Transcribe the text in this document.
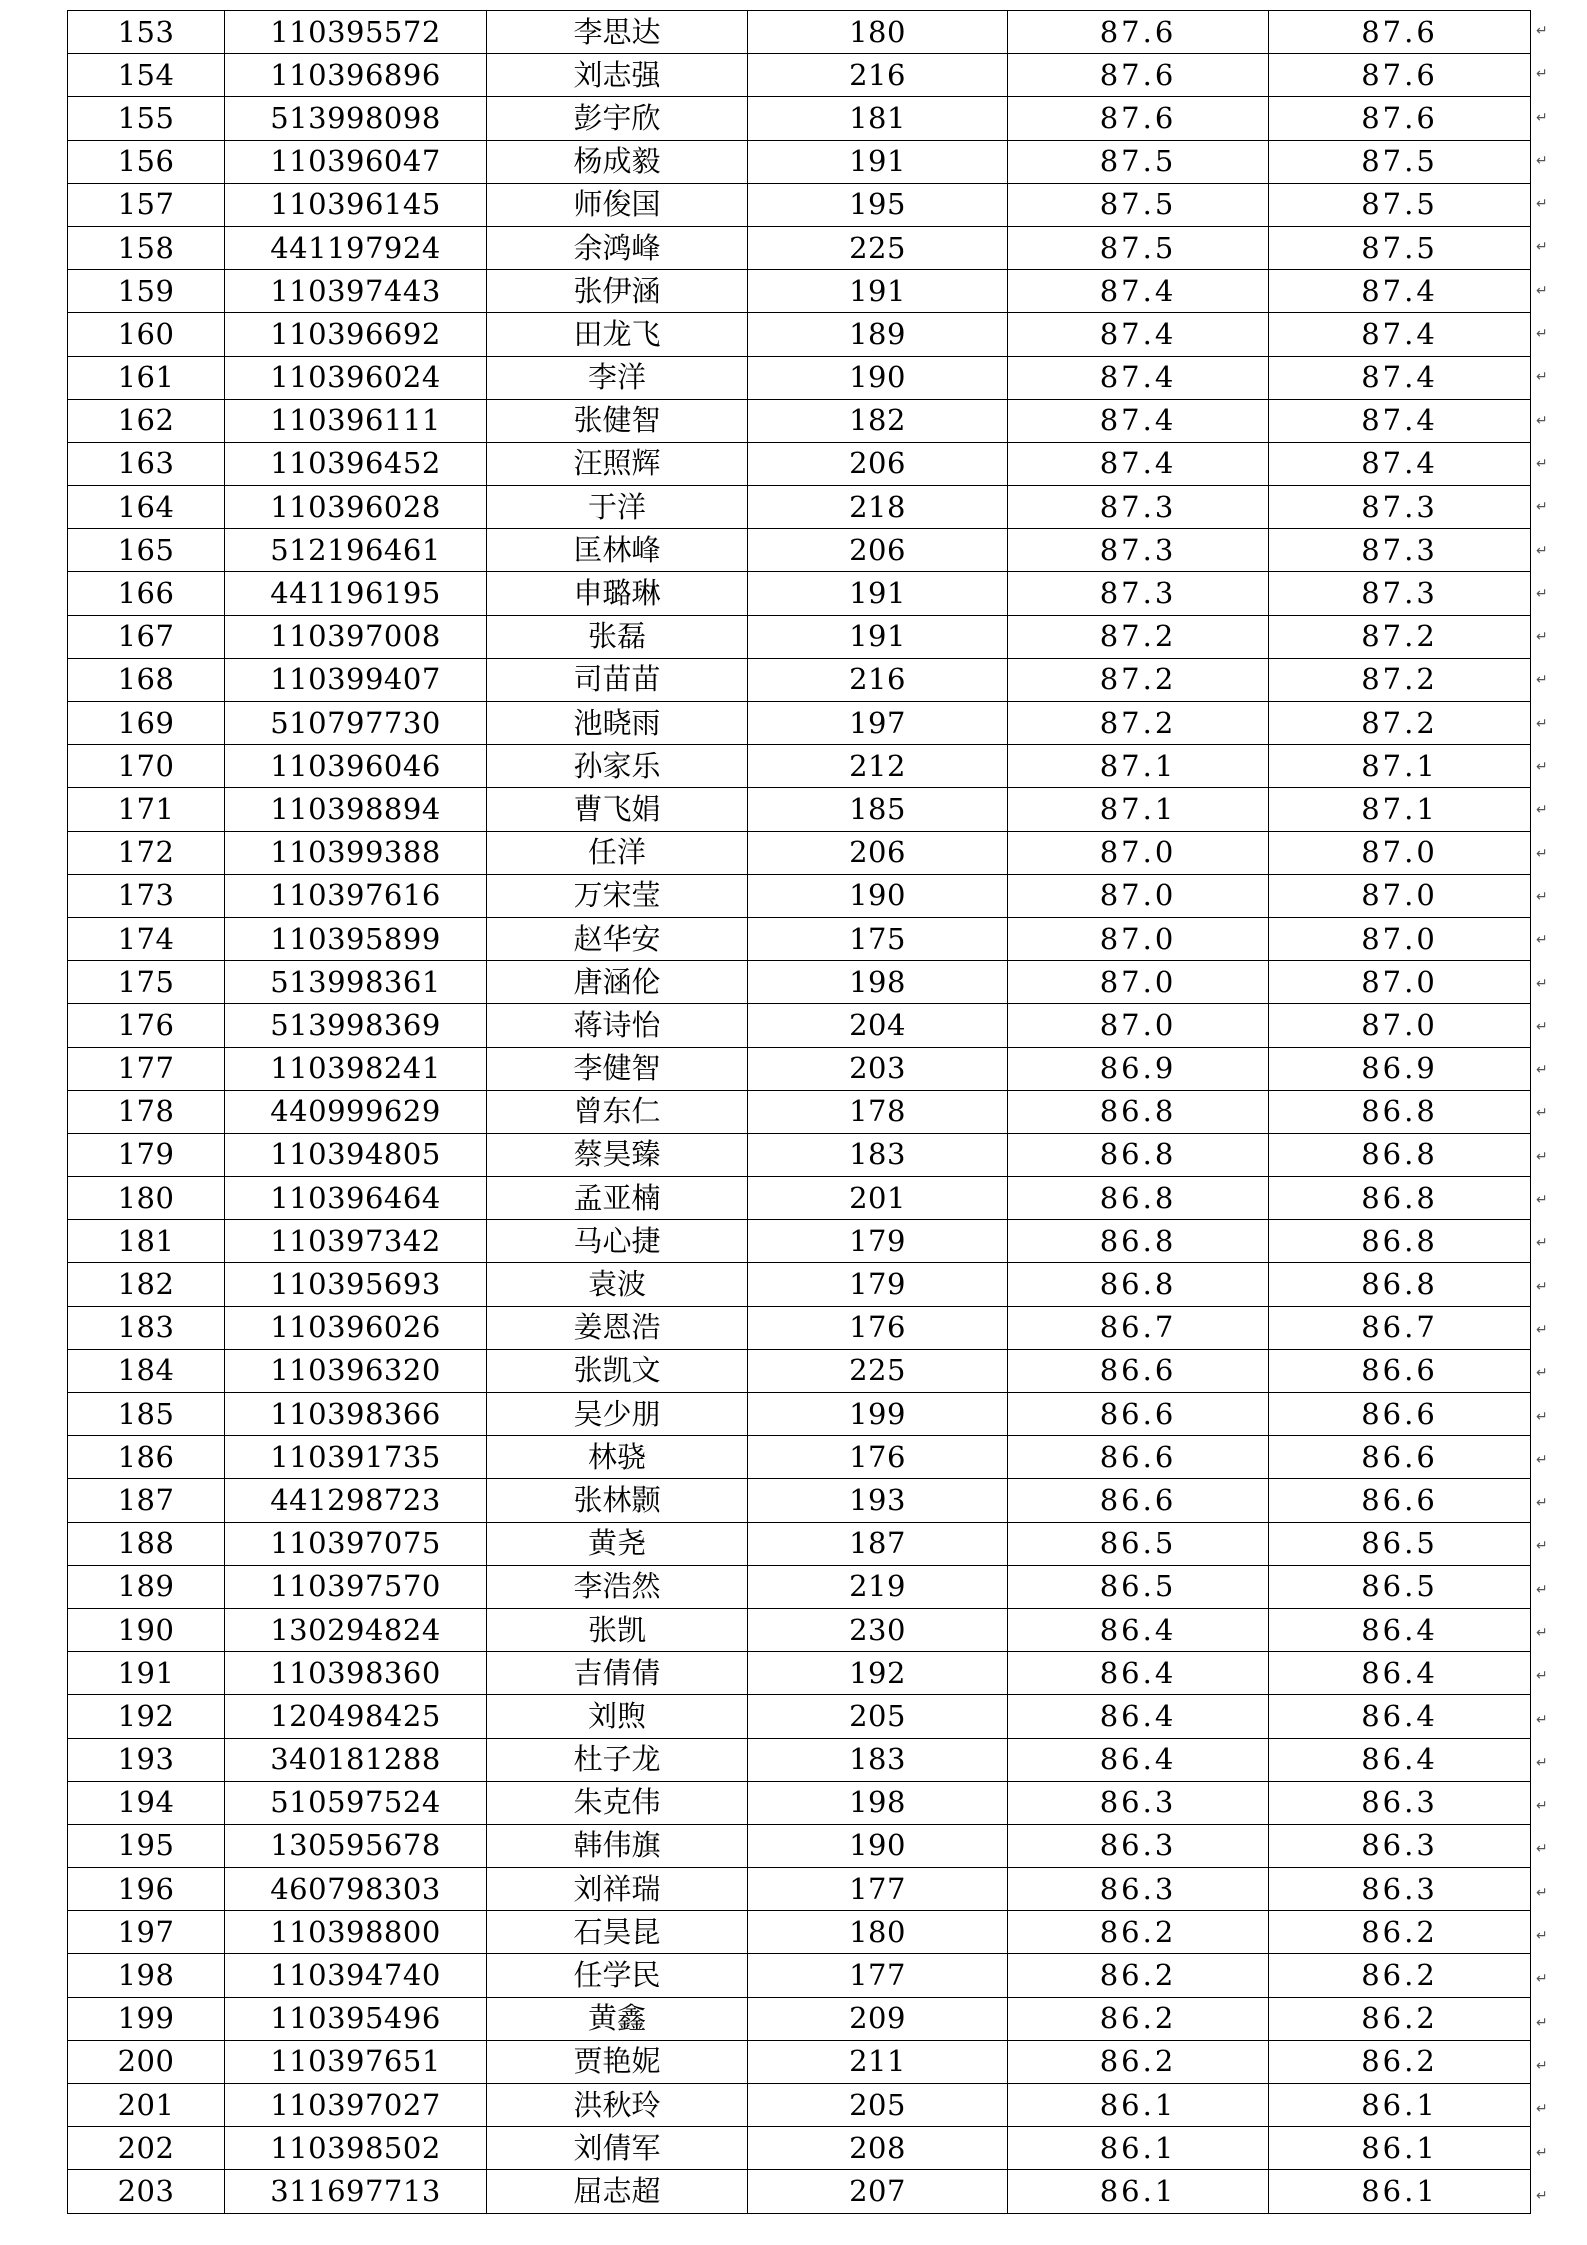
153	110395572	李思达	180	87.6	87.6
154	110396896	刘志强	216	87.6	87.6
155	513998098	彭宇欣	181	87.6	87.6
156	110396047	杨成毅	191	87.5	87.5
157	110396145	师俊国	195	87.5	87.5
158	441197924	余鸿峰	225	87.5	87.5
159	110397443	张伊涵	191	87.4	87.4
160	110396692	田龙飞	189	87.4	87.4
161	110396024	李洋	190	87.4	87.4
162	110396111	张健智	182	87.4	87.4
163	110396452	汪照辉	206	87.4	87.4
164	110396028	于洋	218	87.3	87.3
165	512196461	匡林峰	206	87.3	87.3
166	441196195	申璐琳	191	87.3	87.3
167	110397008	张磊	191	87.2	87.2
168	110399407	司苗苗	216	87.2	87.2
169	510797730	池晓雨	197	87.2	87.2
170	110396046	孙家乐	212	87.1	87.1
171	110398894	曹飞娟	185	87.1	87.1
172	110399388	任洋	206	87.0	87.0
173	110397616	万宋莹	190	87.0	87.0
174	110395899	赵华安	175	87.0	87.0
175	513998361	唐涵伦	198	87.0	87.0
176	513998369	蒋诗怡	204	87.0	87.0
177	110398241	李健智	203	86.9	86.9
178	440999629	曾东仁	178	86.8	86.8
179	110394805	蔡昊臻	183	86.8	86.8
180	110396464	孟亚楠	201	86.8	86.8
181	110397342	马心捷	179	86.8	86.8
182	110395693	袁波	179	86.8	86.8
183	110396026	姜恩浩	176	86.7	86.7
184	110396320	张凯文	225	86.6	86.6
185	110398366	吴少朋	199	86.6	86.6
186	110391735	林骁	176	86.6	86.6
187	441298723	张林颢	193	86.6	86.6
188	110397075	黄尧	187	86.5	86.5
189	110397570	李浩然	219	86.5	86.5
190	130294824	张凯	230	86.4	86.4
191	110398360	吉倩倩	192	86.4	86.4
192	120498425	刘煦	205	86.4	86.4
193	340181288	杜子龙	183	86.4	86.4
194	510597524	朱克伟	198	86.3	86.3
195	130595678	韩伟旗	190	86.3	86.3
196	460798303	刘祥瑞	177	86.3	86.3
197	110398800	石昊昆	180	86.2	86.2
198	110394740	任学民	177	86.2	86.2
199	110395496	黄鑫	209	86.2	86.2
200	110397651	贾艳妮	211	86.2	86.2
201	110397027	洪秋玲	205	86.1	86.1
202	110398502	刘倩军	208	86.1	86.1
203	311697713	屈志超	207	86.1	86.1
↵
↵
↵
↵
↵
↵
↵
↵
↵
↵
↵
↵
↵
↵
↵
↵
↵
↵
↵
↵
↵
↵
↵
↵
↵
↵
↵
↵
↵
↵
↵
↵
↵
↵
↵
↵
↵
↵
↵
↵
↵
↵
↵
↵
↵
↵
↵
↵
↵
↵
↵
